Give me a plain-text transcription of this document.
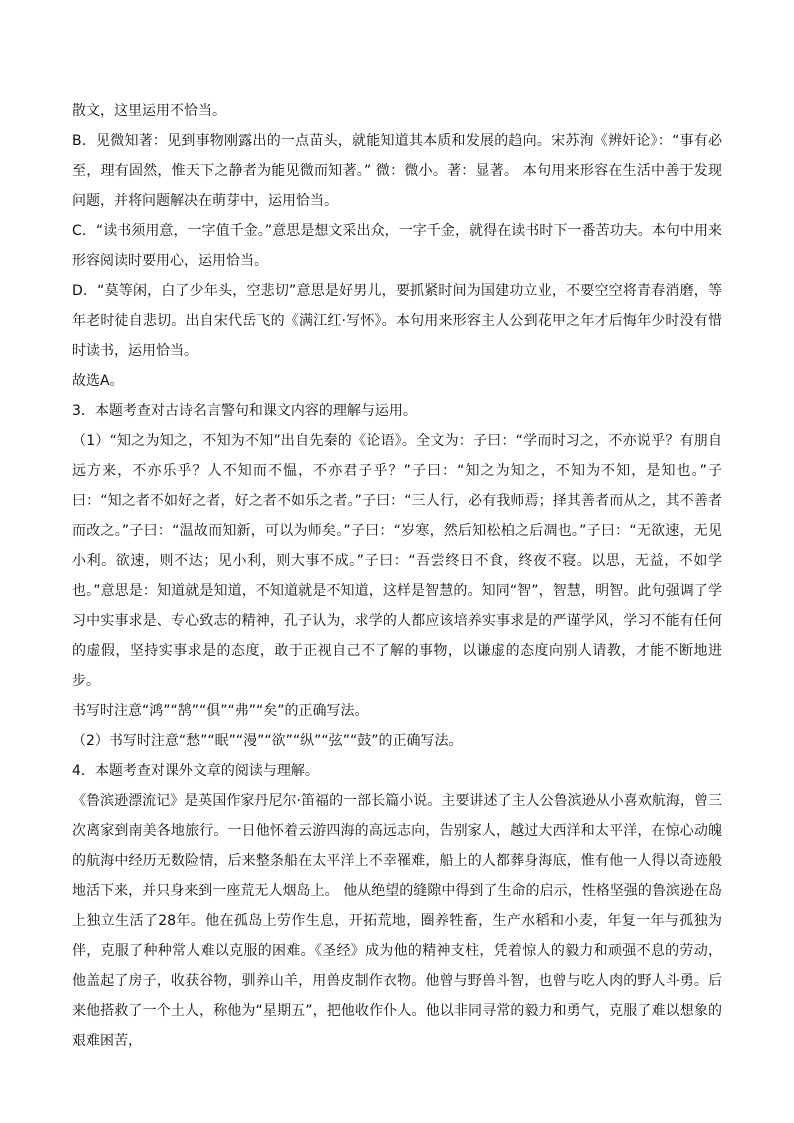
散文，这里运用不恰当。

B．见微知著：见到事物刚露出的一点苗头，就能知道其本质和发展的趋向。宋苏洵《辨奸论》：“事有必至，理有固然，惟天下之静者为能见微而知著。” 微：微小。著：显著。 本句用来形容在生活中善于发现问题，并将问题解决在萌芽中，运用恰当。

C．“读书须用意，一字值千金。”意思是想文采出众，一字千金，就得在读书时下一番苦功夫。本句中用来形容阅读时要用心，运用恰当。

D．“莫等闲，白了少年头，空悲切”意思是好男儿，要抓紧时间为国建功立业，不要空空将青春消磨，等年老时徒自悲切。出自宋代岳飞的《满江红·写怀》。本句用来形容主人公到花甲之年才后悔年少时没有惜时读书，运用恰当。

故选A。

3．本题考查对古诗名言警句和课文内容的理解与运用。

（1）“知之为知之，不知为不知”出自先秦的《论语》。全文为：子曰：“学而时习之，不亦说乎？有朋自远方来，不亦乐乎？人不知而不愠，不亦君子乎？”子曰：“知之为知之，不知为不知，是知也。”子曰：“知之者不如好之者，好之者不如乐之者。”子曰：“三人行，必有我师焉；择其善者而从之，其不善者而改之。”子曰：“温故而知新，可以为师矣。”子曰：“岁寒，然后知松柏之后凋也。”子曰：“无欲速，无见小利。欲速，则不达；见小利，则大事不成。”子曰：“吾尝终日不食，终夜不寝。以思，无益，不如学也。”意思是：知道就是知道，不知道就是不知道，这样是智慧的。知同“智”，智慧，明智。此句强调了学习中实事求是、专心致志的精神，孔子认为，求学的人都应该培养实事求是的严谨学风，学习不能有任何的虚假，坚持实事求是的态度，敢于正视自己不了解的事物，以谦虚的态度向别人请教，才能不断地进步。

书写时注意“鸿”“鹄”“俱”“弗”“矣”的正确写法。

（2）书写时注意“愁”“眠”“漫”“欲”“纵”“弦”“鼓”的正确写法。

4．本题考查对课外文章的阅读与理解。

《鲁滨逊漂流记》是英国作家丹尼尔·笛福的一部长篇小说。主要讲述了主人公鲁滨逊从小喜欢航海，曾三次离家到南美各地旅行。一日他怀着云游四海的高远志向，告别家人，越过大西洋和太平洋，在惊心动魄的航海中经历无数险情，后来整条船在太平洋上不幸罹难，船上的人都葬身海底，惟有他一人得以奇迹般地活下来，并只身来到一座荒无人烟岛上。 他从绝望的缝隙中得到了生命的启示，性格坚强的鲁滨逊在岛上独立生活了28年。他在孤岛上劳作生息，开拓荒地，圈养牲畜，生产水稻和小麦，年复一年与孤独为伴，克服了种种常人难以克服的困难。《圣经》成为他的精神支柱，凭着惊人的毅力和顽强不息的劳动，他盖起了房子，收获谷物，驯养山羊，用兽皮制作衣物。他曾与野兽斗智，也曾与吃人肉的野人斗勇。后来他搭救了一个土人，称他为“星期五”，把他收作仆人。他以非同寻常的毅力和勇气，克服了难以想象的艰难困苦，
